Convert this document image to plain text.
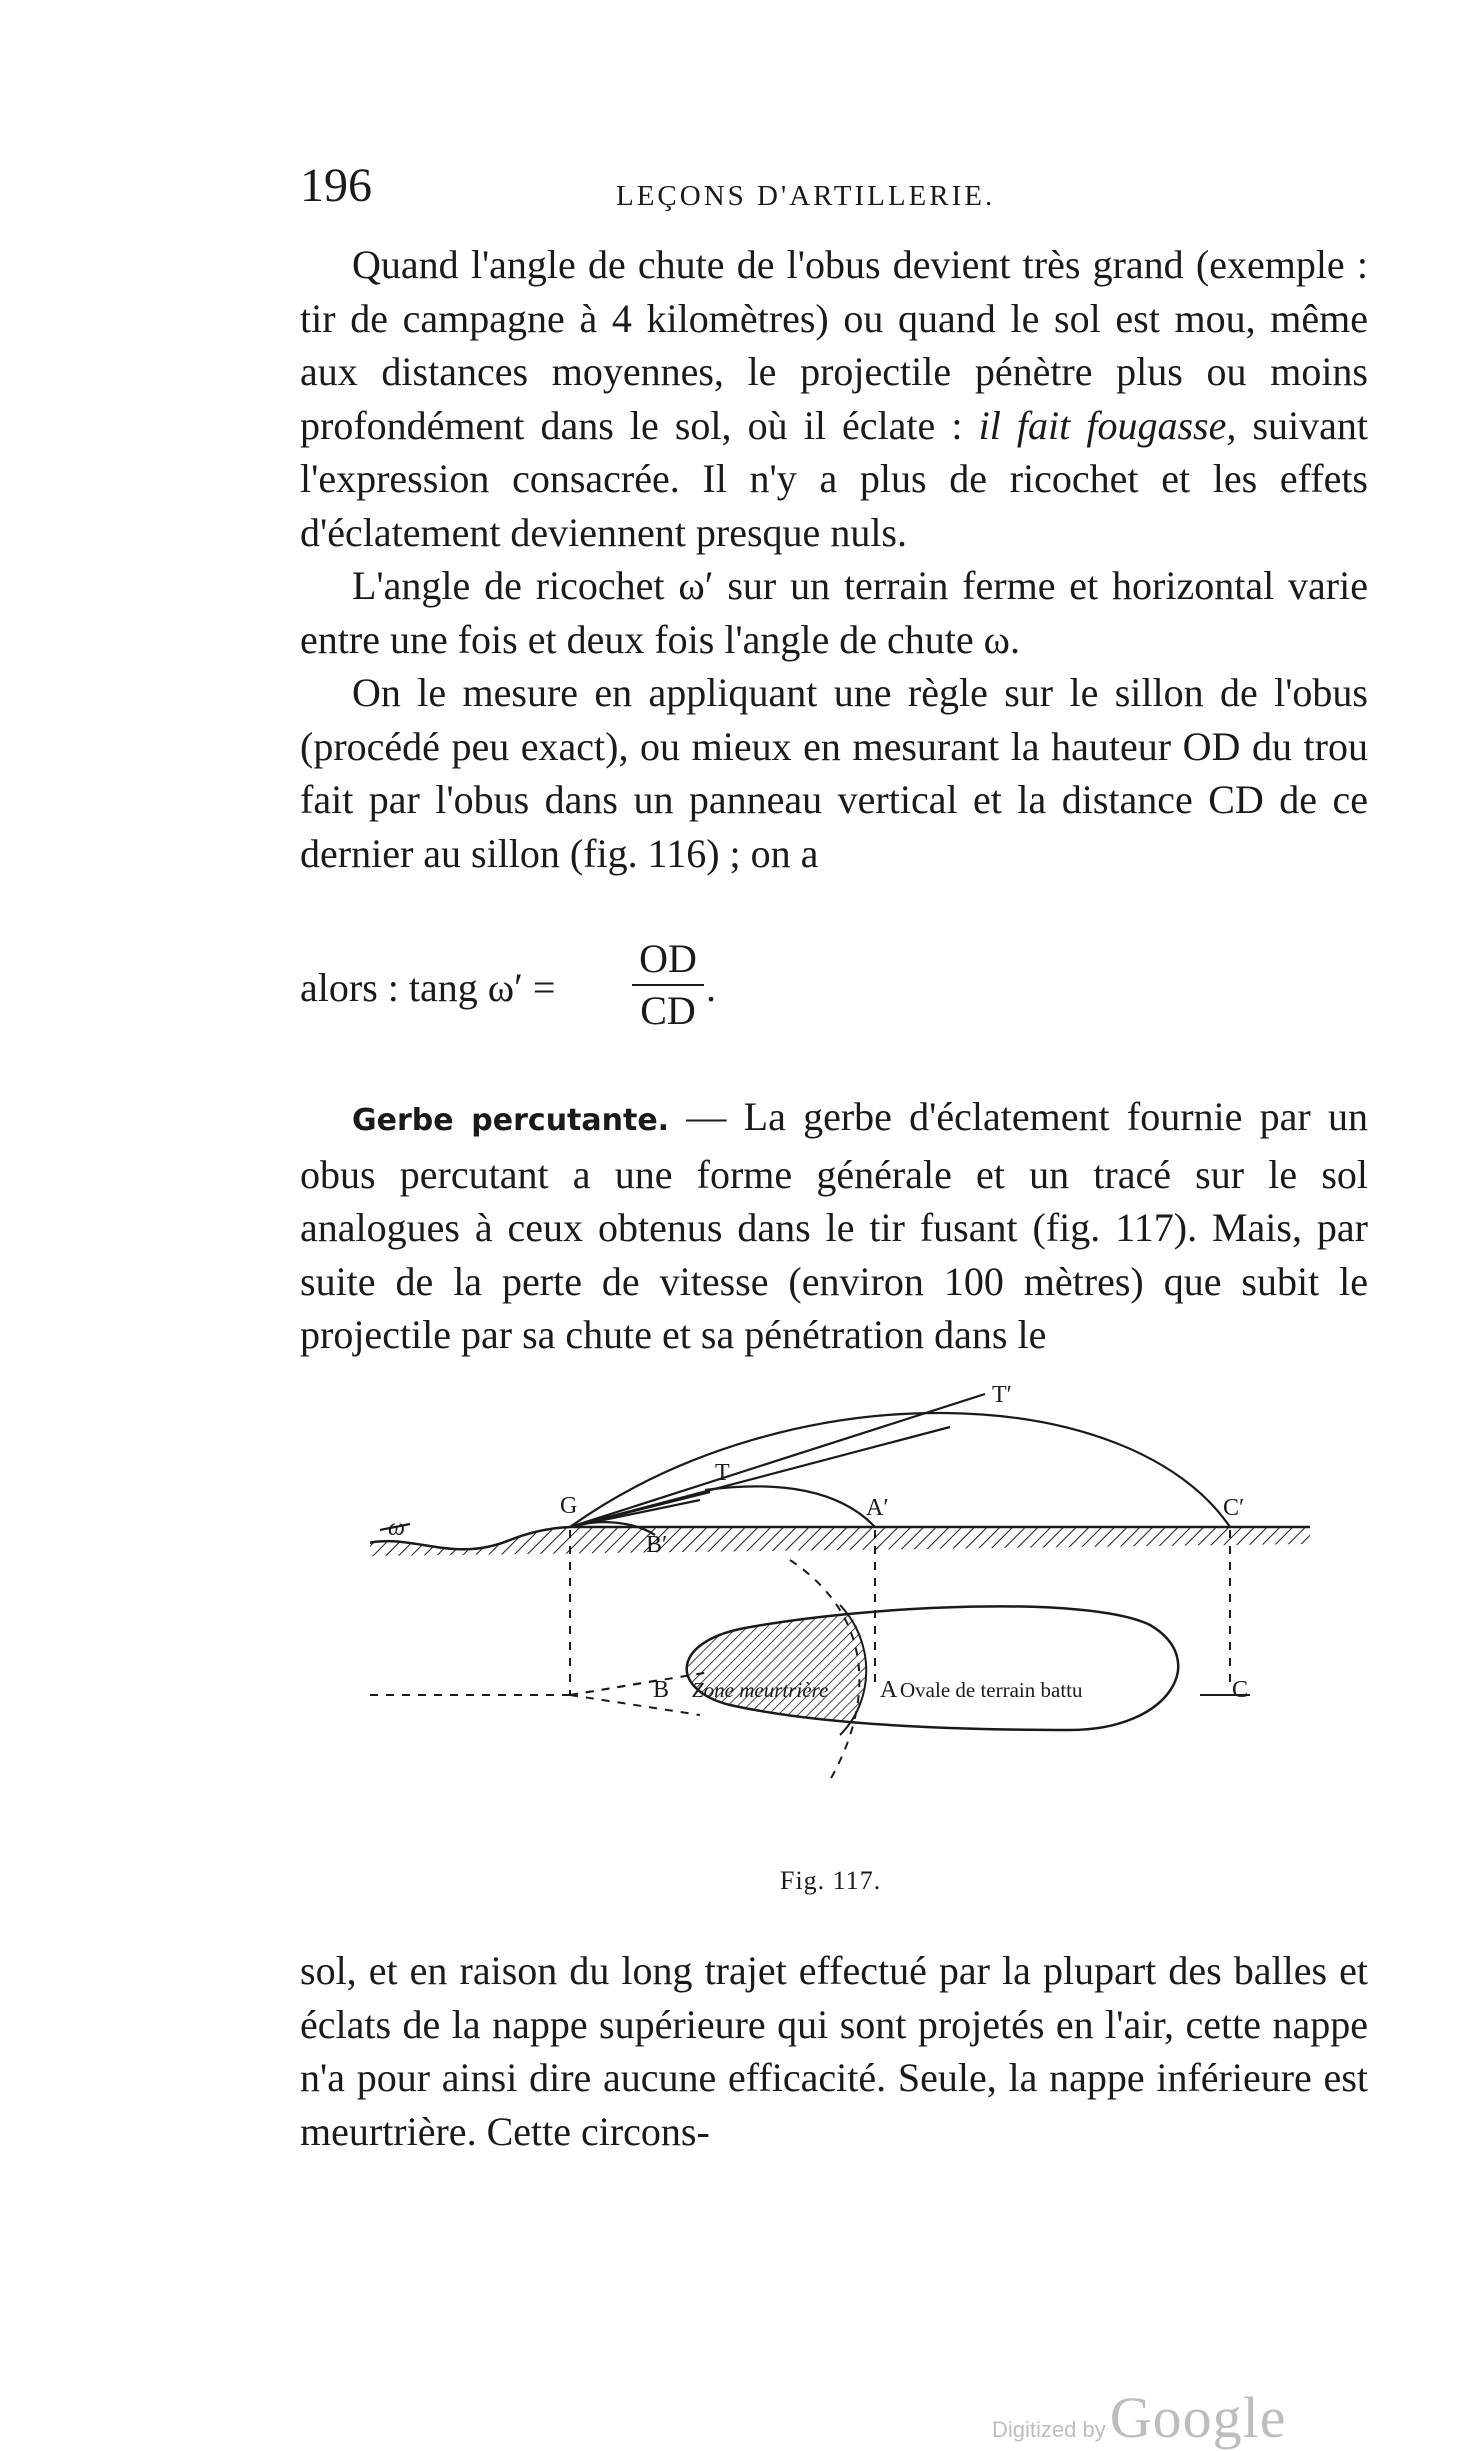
196	LEÇONS D'ARTILLERIE.

Quand l'angle de chute de l'obus devient très grand (exemple : tir de campagne à 4 kilomètres) ou quand le sol est mou, même aux distances moyennes, le projectile pénètre plus ou moins profondément dans le sol, où il éclate : il fait fougasse, suivant l'expression consacrée. Il n'y a plus de ricochet et les effets d'éclatement deviennent presque nuls.

L'angle de ricochet ω′ sur un terrain ferme et horizontal varie entre une fois et deux fois l'angle de chute ω.

On le mesure en appliquant une règle sur le sillon de l'obus (procédé peu exact), ou mieux en mesurant la hauteur OD du trou fait par l'obus dans un panneau vertical et la distance CD de ce dernier au sillon (fig. 116) ; on a

alors : tang ω′ =
OD
CD
.

Gerbe percutante. — La gerbe d'éclatement fournie par un obus percutant a une forme générale et un tracé sur le sol analogues à ceux obtenus dans le tir fusant (fig. 117). Mais, par suite de la perte de vitesse (environ 100 mètres) que subit le projectile par sa chute et sa pénétration dans le

ω
G
T′
T
A′	C′
B′
B	A	C
Zone meurtrière	Ovale de terrain battu
Fig. 117.

sol, et en raison du long trajet effectué par la plupart des balles et éclats de la nappe supérieure qui sont projetés en l'air, cette nappe n'a pour ainsi dire aucune efficacité. Seule, la nappe inférieure est meurtrière. Cette circons-

Digitized by Google
